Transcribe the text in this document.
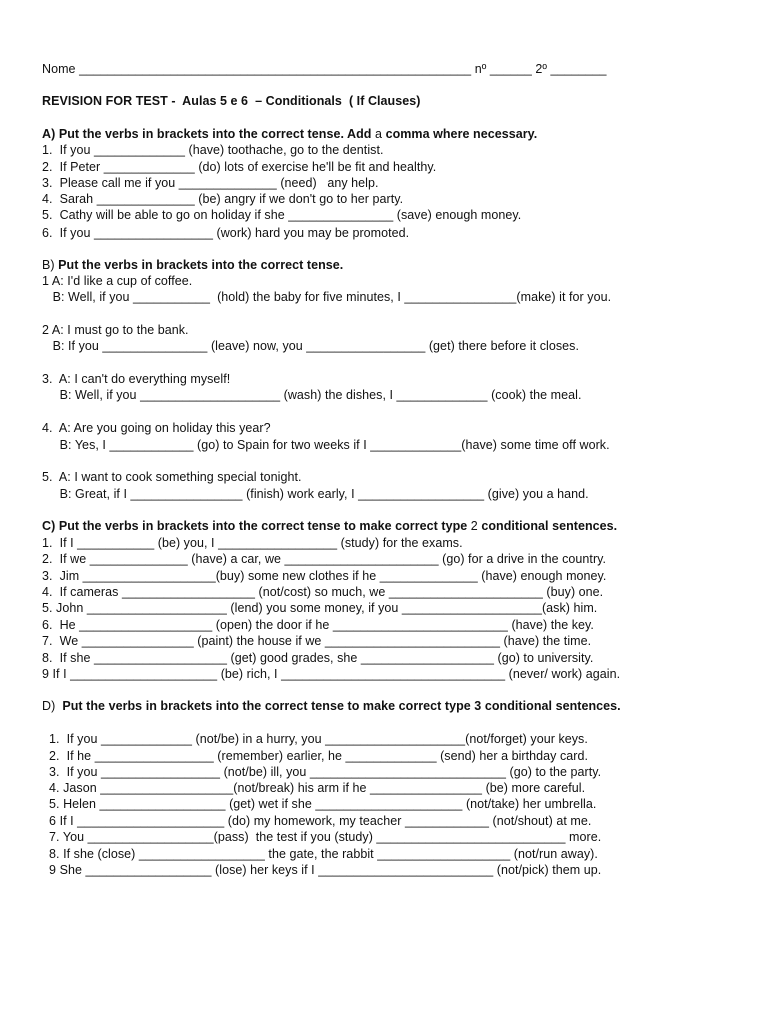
Nome ________________________________________________________ nº ______ 2º ________
REVISION FOR TEST -  Aulas 5 e 6  – Conditionals  ( If Clauses)
A) Put the verbs in brackets into the correct tense. Add a comma where necessary.
1.  If you _____________ (have) toothache, go to the dentist.
2.  If Peter _____________ (do) lots of exercise he'll be fit and healthy.
3.  Please call me if you ______________ (need)   any help.
4.  Sarah ______________ (be) angry if we don't go to her party.
5.  Cathy will be able to go on holiday if she _______________ (save) enough money.
6.  If you _________________ (work) hard you may be promoted.
B) Put the verbs in brackets into the correct tense.
1 A: I'd like a cup of coffee.
B: Well, if you ___________  (hold) the baby for five minutes, I ________________(make) it for you.
2 A: I must go to the bank.
B: If you _______________ (leave) now, you _________________ (get) there before it closes.
3.  A: I can't do everything myself!
B: Well, if you ____________________ (wash) the dishes, I _____________ (cook) the meal.
4.  A: Are you going on holiday this year?
B: Yes, I ____________ (go) to Spain for two weeks if I _____________(have) some time off work.
5.  A: I want to cook something special tonight.
B: Great, if I ________________ (finish) work early, I __________________ (give) you a hand.
C) Put the verbs in brackets into the correct tense to make correct type 2 conditional sentences.
1.  If I ___________ (be) you, I _________________ (study) for the exams.
2.  If we ______________ (have) a car, we ______________________ (go) for a drive in the country.
3.  Jim ___________________(buy) some new clothes if he ______________ (have) enough money.
4.  If cameras ___________________ (not/cost) so much, we ______________________ (buy) one.
5. John ____________________ (lend) you some money, if you ____________________(ask) him.
6.  He ___________________ (open) the door if he _________________________ (have) the key.
7.  We ________________ (paint) the house if we _________________________ (have) the time.
8.  If she ___________________ (get) good grades, she ___________________ (go) to university.
9 If I _____________________ (be) rich, I ________________________________ (never/ work) again.
D)  Put the verbs in brackets into the correct tense to make correct type 3 conditional sentences.
1.  If you _____________ (not/be) in a hurry, you ____________________(not/forget) your keys.
2.  If he _________________ (remember) earlier, he _____________ (send) her a birthday card.
3.  If you _________________ (not/be) ill, you ____________________________ (go) to the party.
4. Jason ___________________(not/break) his arm if he ________________ (be) more careful.
5. Helen __________________ (get) wet if she _____________________ (not/take) her umbrella.
6 If I _____________________ (do) my homework, my teacher ____________ (not/shout) at me.
7. You __________________(pass)  the test if you (study) ___________________________ more.
8. If she (close) __________________ the gate, the rabbit ___________________ (not/run away).
9 She __________________ (lose) her keys if I _________________________ (not/pick) them up.
